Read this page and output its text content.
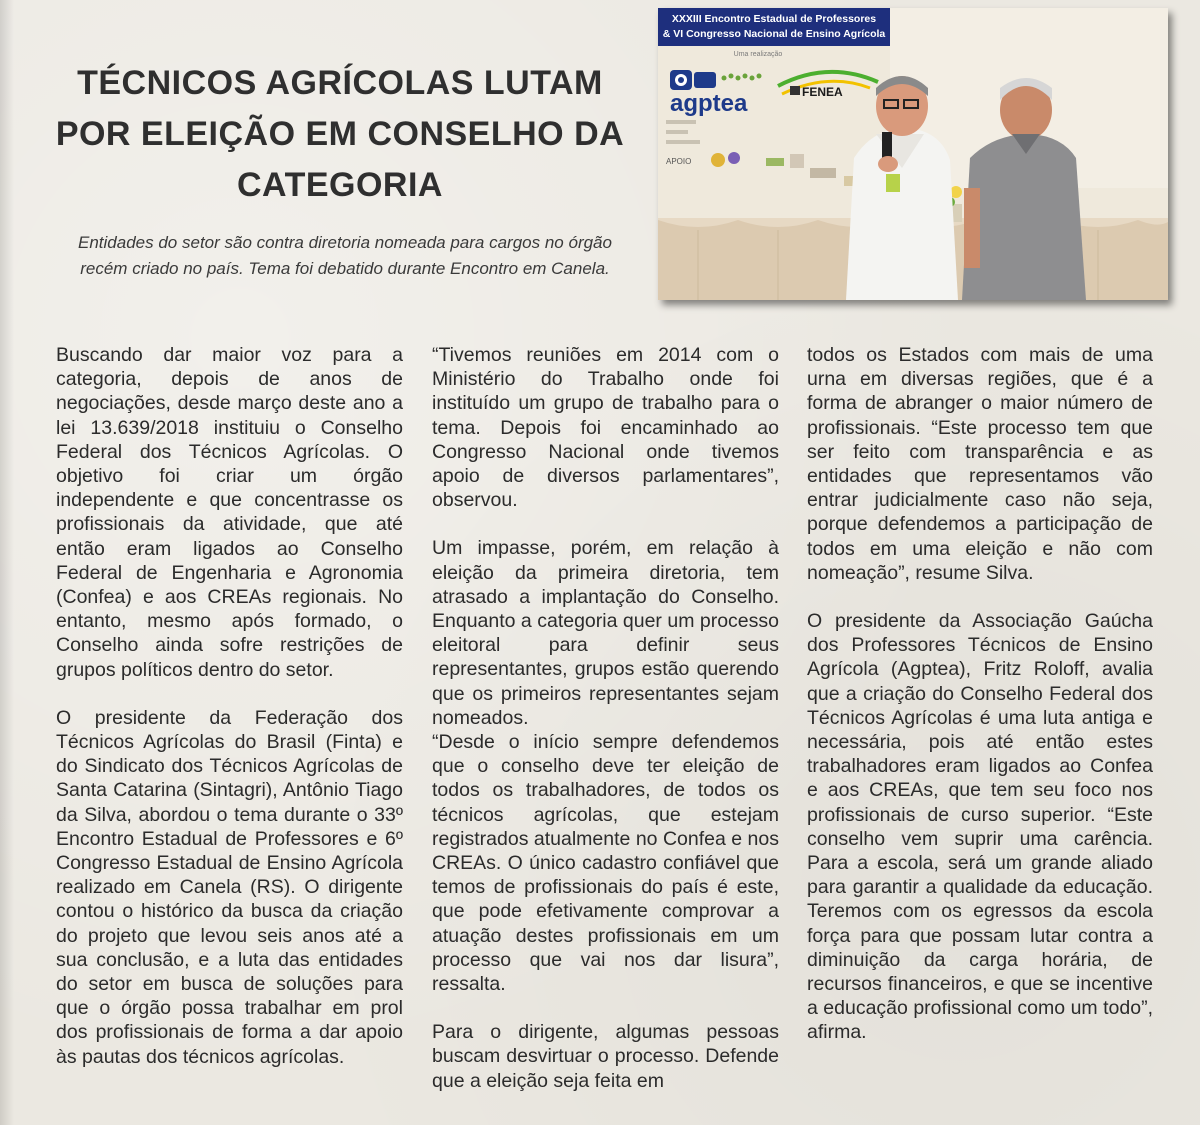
TÉCNICOS AGRÍCOLAS LUTAM POR ELEIÇÃO EM CONSELHO DA CATEGORIA

Entidades do setor são contra diretoria nomeada para cargos no órgão recém criado no país. Tema foi debatido durante Encontro em Canela.

XXXIII Encontro Estadual de Professores
& VI Congresso Nacional de Ensino Agrícola
Uma realização
agptea	FENEA
APOIO

Buscando dar maior voz para a categoria, depois de anos de negociações, desde março deste ano a lei 13.639/2018 instituiu o Conselho Federal dos Técnicos Agrícolas. O objetivo foi criar um órgão independente e que concentrasse os profissionais da atividade, que até então eram ligados ao Conselho Federal de Engenharia e Agronomia (Confea) e aos CREAs regionais. No entanto, mesmo após formado, o Conselho ainda sofre restrições de grupos políticos dentro do setor.

O presidente da Federação dos Técnicos Agrícolas do Brasil (Finta) e do Sindicato dos Técnicos Agrícolas de Santa Catarina (Sintagri), Antônio Tiago da Silva, abordou o tema durante o 33º Encontro Estadual de Professores e 6º Congresso Estadual de Ensino Agrícola realizado em Canela (RS). O dirigente contou o histórico da busca da criação do projeto que levou seis anos até a sua conclusão, e a luta das entidades do setor em busca de soluções para que o órgão possa trabalhar em prol dos profissionais de forma a dar apoio às pautas dos técnicos agrícolas.

“Tivemos reuniões em 2014 com o Ministério do Trabalho onde foi instituído um grupo de trabalho para o tema. Depois foi encaminhado ao Congresso Nacional onde tivemos apoio de diversos parlamentares”, observou.

Um impasse, porém, em relação à eleição da primeira diretoria, tem atrasado a implantação do Conselho. Enquanto a categoria quer um processo eleitoral para definir seus representantes, grupos estão querendo que os primeiros representantes sejam nomeados.

“Desde o início sempre defendemos que o conselho deve ter eleição de todos os trabalhadores, de todos os técnicos agrícolas, que estejam registrados atualmente no Confea e nos CREAs. O único cadastro confiável que temos de profissionais do país é este, que pode efetivamente comprovar a atuação destes profissionais em um processo que vai nos dar lisura”, ressalta.

Para o dirigente, algumas pessoas buscam desvirtuar o processo. Defende que a eleição seja feita em

todos os Estados com mais de uma urna em diversas regiões, que é a forma de abranger o maior número de profissionais. “Este processo tem que ser feito com transparência e as entidades que representamos vão entrar judicialmente caso não seja, porque defendemos a participação de todos em uma eleição e não com nomeação”, resume Silva.

O presidente da Associação Gaúcha dos Professores Técnicos de Ensino Agrícola (Agptea), Fritz Roloff, avalia que a criação do Conselho Federal dos Técnicos Agrícolas é uma luta antiga e necessária, pois até então estes trabalhadores eram ligados ao Confea e aos CREAs, que tem seu foco nos profissionais de curso superior. “Este conselho vem suprir uma carência. Para a escola, será um grande aliado para garantir a qualidade da educação. Teremos com os egressos da escola força para que possam lutar contra a diminuição da carga horária, de recursos financeiros, e que se incentive a educação profissional como um todo”, afirma.
